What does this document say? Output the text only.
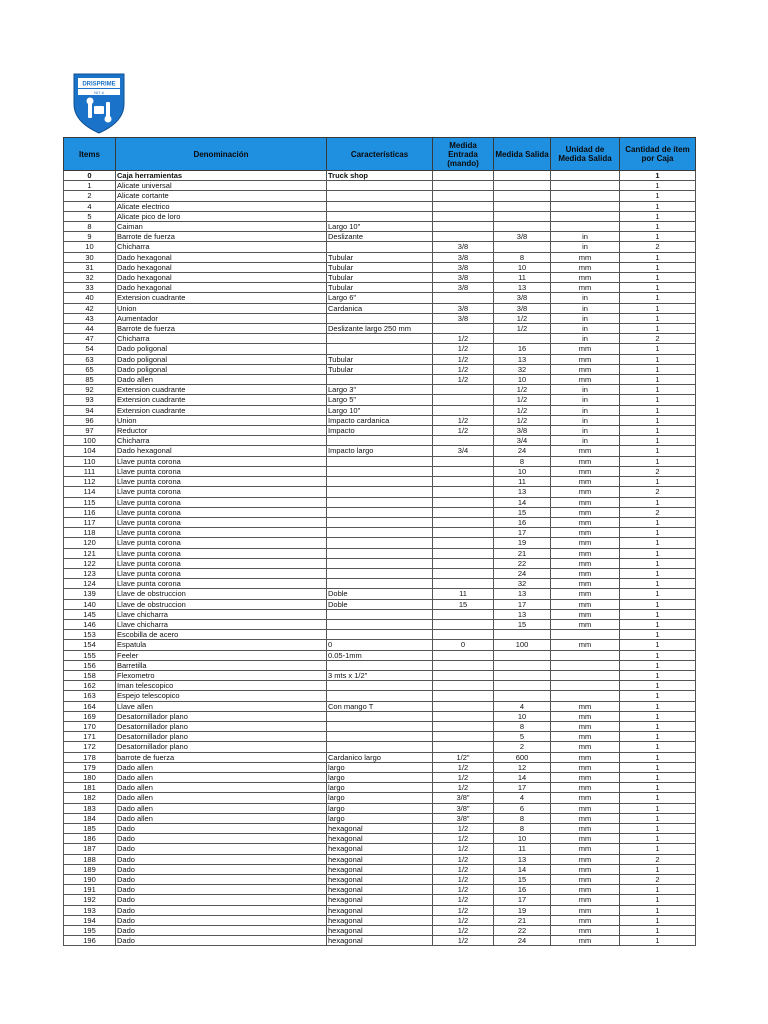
DRISPRIME
NIT #
Items	Denominación	Características	Medida Entrada (mando)	Medida Salida	Unidad de Medida Salida	Cantidad de ítem por Caja
0	Caja herramientas	Truck shop				1
1	Alicate universal					1
2	Alicate cortante					1
4	Alicate electrico					1
5	Alicate pico de loro					1
8	Caiman	Largo 10"				1
9	Barrote de fuerza	Deslizante		3/8	in	1
10	Chicharra		3/8		in	2
30	Dado hexagonal	Tubular	3/8	8	mm	1
31	Dado hexagonal	Tubular	3/8	10	mm	1
32	Dado hexagonal	Tubular	3/8	11	mm	1
33	Dado hexagonal	Tubular	3/8	13	mm	1
40	Extension cuadrante	Largo 6"		3/8	in	1
42	Union	Cardanica	3/8	3/8	in	1
43	Aumentador		3/8	1/2	in	1
44	Barrote de fuerza	Deslizante largo 250 mm		1/2	in	1
47	Chicharra		1/2		in	2
54	Dado poligonal		1/2	16	mm	1
63	Dado poligonal	Tubular	1/2	13	mm	1
65	Dado poligonal	Tubular	1/2	32	mm	1
85	Dado allen		1/2	10	mm	1
92	Extension cuadrante	Largo 3"		1/2	in	1
93	Extension cuadrante	Largo 5"		1/2	in	1
94	Extension cuadrante	Largo 10"		1/2	in	1
96	Union	Impacto cardanica	1/2	1/2	in	1
97	Reductor	Impacto	1/2	3/8	in	1
100	Chicharra			3/4	in	1
104	Dado hexagonal	Impacto largo	3/4	24	mm	1
110	Llave punta corona			8	mm	1
111	Llave punta corona			10	mm	2
112	Llave punta corona			11	mm	1
114	Llave punta corona			13	mm	2
115	Llave punta corona			14	mm	1
116	Llave punta corona			15	mm	2
117	Llave punta corona			16	mm	1
118	Llave punta corona			17	mm	1
120	Llave punta corona			19	mm	1
121	Llave punta corona			21	mm	1
122	Llave punta corona			22	mm	1
123	Llave punta corona			24	mm	1
124	Llave punta corona			32	mm	1
139	Llave de obstruccion	Doble	11	13	mm	1
140	Llave de obstruccion	Doble	15	17	mm	1
145	Llave chicharra			13	mm	1
146	Llave chicharra			15	mm	1
153	Escobilla de acero					1
154	Espatula	0	0	100	mm	1
155	Feeler	0.05-1mm				1
156	Barretilla					1
158	Flexometro	3 mts x 1/2"				1
162	Iman telescopico					1
163	Espejo telescopico					1
164	Llave allen	Con mango T		4	mm	1
169	Desatornillador plano			10	mm	1
170	Desatornillador plano			8	mm	1
171	Desatornillador plano			5	mm	1
172	Desatornillador plano			2	mm	1
178	barrote de fuerza	Cardanico largo	1/2"	600	mm	1
179	Dado allen	largo	1/2	12	mm	1
180	Dado allen	largo	1/2	14	mm	1
181	Dado allen	largo	1/2	17	mm	1
182	Dado allen	largo	3/8"	4	mm	1
183	Dado allen	largo	3/8"	6	mm	1
184	Dado allen	largo	3/8"	8	mm	1
185	Dado	hexagonal	1/2	8	mm	1
186	Dado	hexagonal	1/2	10	mm	1
187	Dado	hexagonal	1/2	11	mm	1
188	Dado	hexagonal	1/2	13	mm	2
189	Dado	hexagonal	1/2	14	mm	1
190	Dado	hexagonal	1/2	15	mm	2
191	Dado	hexagonal	1/2	16	mm	1
192	Dado	hexagonal	1/2	17	mm	1
193	Dado	hexagonal	1/2	19	mm	1
194	Dado	hexagonal	1/2	21	mm	1
195	Dado	hexagonal	1/2	22	mm	1
196	Dado	hexagonal	1/2	24	mm	1
